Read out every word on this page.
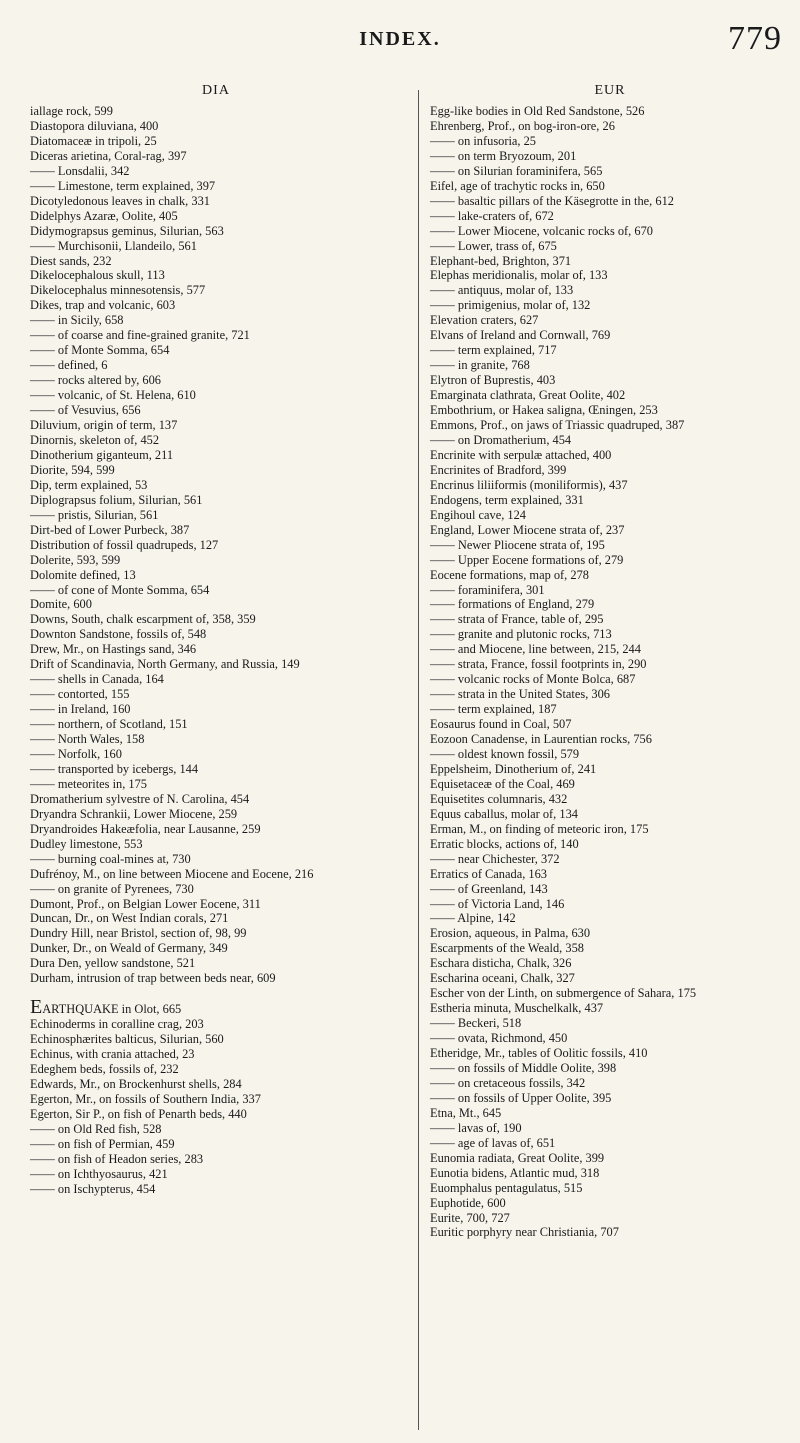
INDEX.	779
DIA
iallage rock, 599
Diastopora diluviana, 400
Diatomaceæ in tripoli, 25
Diceras arietina, Coral-rag, 397
—— Lonsdalii, 342
—— Limestone, term explained, 397
Dicotyledonous leaves in chalk, 331
Didelphys Azaræ, Oolite, 405
Didymograpsus geminus, Silurian, 563
—— Murchisonii, Llandeilo, 561
Diest sands, 232
Dikelocephalous skull, 113
Dikelocephalus minnesotensis, 577
Dikes, trap and volcanic, 603
—— in Sicily, 658
—— of coarse and fine-grained granite, 721
—— of Monte Somma, 654
—— defined, 6
—— rocks altered by, 606
—— volcanic, of St. Helena, 610
—— of Vesuvius, 656
Diluvium, origin of term, 137
Dinornis, skeleton of, 452
Dinotherium giganteum, 211
Diorite, 594, 599
Dip, term explained, 53
Diplograpsus folium, Silurian, 561
—— pristis, Silurian, 561
Dirt-bed of Lower Purbeck, 387
Distribution of fossil quadrupeds, 127
Dolerite, 593, 599
Dolomite defined, 13
—— of cone of Monte Somma, 654
Domite, 600
Downs, South, chalk escarpment of, 358, 359
Downton Sandstone, fossils of, 548
Drew, Mr., on Hastings sand, 346
Drift of Scandinavia, North Germany, and Russia, 149
—— shells in Canada, 164
—— contorted, 155
—— in Ireland, 160
—— northern, of Scotland, 151
—— North Wales, 158
—— Norfolk, 160
—— transported by icebergs, 144
—— meteorites in, 175
Dromatherium sylvestre of N. Carolina, 454
Dryandra Schrankii, Lower Miocene, 259
Dryandroides Hakeæfolia, near Lausanne, 259
Dudley limestone, 553
—— burning coal-mines at, 730
Dufrénoy, M., on line between Miocene and Eocene, 216
—— on granite of Pyrenees, 730
Dumont, Prof., on Belgian Lower Eocene, 311
Duncan, Dr., on West Indian corals, 271
Dundry Hill, near Bristol, section of, 98, 99
Dunker, Dr., on Weald of Germany, 349
Dura Den, yellow sandstone, 521
Durham, intrusion of trap between beds near, 609
EARTHQUAKE in Olot, 665
Echinoderms in coralline crag, 203
Echinosphærites balticus, Silurian, 560
Echinus, with crania attached, 23
Edeghem beds, fossils of, 232
Edwards, Mr., on Brockenhurst shells, 284
Egerton, Mr., on fossils of Southern India, 337
Egerton, Sir P., on fish of Penarth beds, 440
—— on Old Red fish, 528
—— on fish of Permian, 459
—— on fish of Headon series, 283
—— on Ichthyosaurus, 421
—— on Ischypterus, 454
EUR
Egg-like bodies in Old Red Sandstone, 526
Ehrenberg, Prof., on bog-iron-ore, 26
—— on infusoria, 25
—— on term Bryozoum, 201
—— on Silurian foraminifera, 565
Eifel, age of trachytic rocks in, 650
—— basaltic pillars of the Käsegrotte in the, 612
—— lake-craters of, 672
—— Lower Miocene, volcanic rocks of, 670
—— Lower, trass of, 675
Elephant-bed, Brighton, 371
Elephas meridionalis, molar of, 133
—— antiquus, molar of, 133
—— primigenius, molar of, 132
Elevation craters, 627
Elvans of Ireland and Cornwall, 769
—— term explained, 717
—— in granite, 768
Elytron of Buprestis, 403
Emarginata clathrata, Great Oolite, 402
Embothrium, or Hakea saligna, Œningen, 253
Emmons, Prof., on jaws of Triassic quadruped, 387
—— on Dromatherium, 454
Encrinite with serpulæ attached, 400
Encrinites of Bradford, 399
Encrinus liliiformis (moniliformis), 437
Endogens, term explained, 331
Engihoul cave, 124
England, Lower Miocene strata of, 237
—— Newer Pliocene strata of, 195
—— Upper Eocene formations of, 279
Eocene formations, map of, 278
—— foraminifera, 301
—— formations of England, 279
—— strata of France, table of, 295
—— granite and plutonic rocks, 713
—— and Miocene, line between, 215, 244
—— strata, France, fossil footprints in, 290
—— volcanic rocks of Monte Bolca, 687
—— strata in the United States, 306
—— term explained, 187
Eosaurus found in Coal, 507
Eozoon Canadense, in Laurentian rocks, 756
—— oldest known fossil, 579
Eppelsheim, Dinotherium of, 241
Equisetaceæ of the Coal, 469
Equisetites columnaris, 432
Equus caballus, molar of, 134
Erman, M., on finding of meteoric iron, 175
Erratic blocks, actions of, 140
—— near Chichester, 372
Erratics of Canada, 163
—— of Greenland, 143
—— of Victoria Land, 146
—— Alpine, 142
Erosion, aqueous, in Palma, 630
Escarpments of the Weald, 358
Eschara disticha, Chalk, 326
Escharina oceani, Chalk, 327
Escher von der Linth, on submergence of Sahara, 175
Estheria minuta, Muschelkalk, 437
—— Beckeri, 518
—— ovata, Richmond, 450
Etheridge, Mr., tables of Oolitic fossils, 410
—— on fossils of Middle Oolite, 398
—— on cretaceous fossils, 342
—— on fossils of Upper Oolite, 395
Etna, Mt., 645
—— lavas of, 190
—— age of lavas of, 651
Eunomia radiata, Great Oolite, 399
Eunotia bidens, Atlantic mud, 318
Euomphalus pentagulatus, 515
Euphotide, 600
Eurite, 700, 727
Euritic porphyry near Christiania, 707
